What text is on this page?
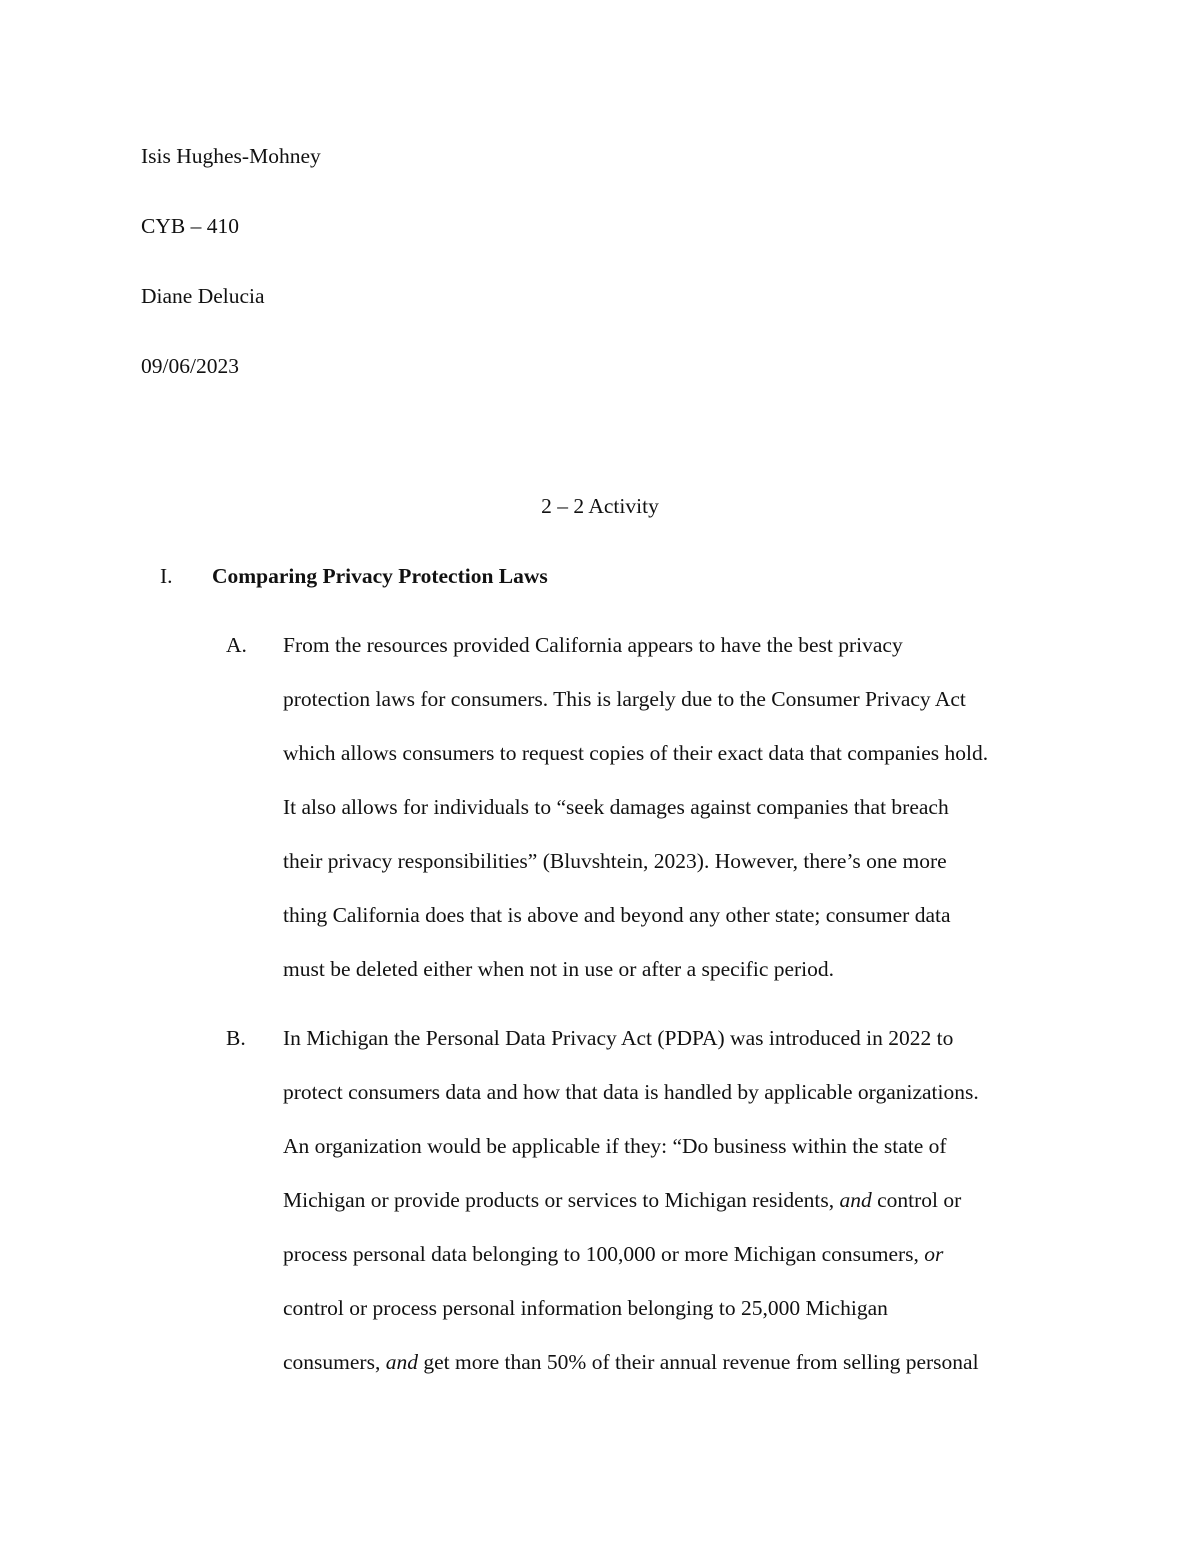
Isis Hughes-Mohney
CYB – 410
Diane Delucia
09/06/2023
2 – 2 Activity
I. Comparing Privacy Protection Laws
A. From the resources provided California appears to have the best privacy
protection laws for consumers. This is largely due to the Consumer Privacy Act
which allows consumers to request copies of their exact data that companies hold.
It also allows for individuals to “seek damages against companies that breach
their privacy responsibilities” (Bluvshtein, 2023). However, there’s one more
thing California does that is above and beyond any other state; consumer data
must be deleted either when not in use or after a specific period.
B. In Michigan the Personal Data Privacy Act (PDPA) was introduced in 2022 to
protect consumers data and how that data is handled by applicable organizations.
An organization would be applicable if they: “Do business within the state of
Michigan or provide products or services to Michigan residents, and control or
process personal data belonging to 100,000 or more Michigan consumers, or
control or process personal information belonging to 25,000 Michigan
consumers, and get more than 50% of their annual revenue from selling personal
